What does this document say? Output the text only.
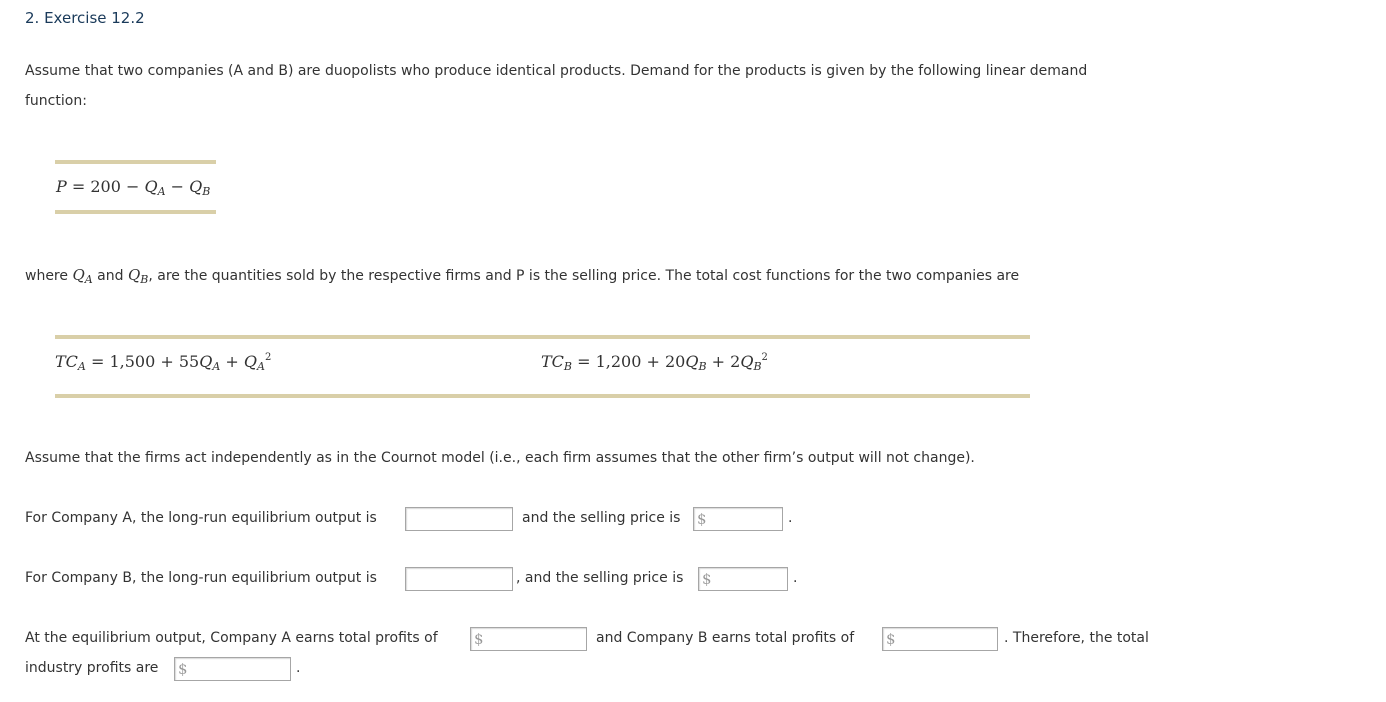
2. Exercise 12.2
Assume that two companies (A and B) are duopolists who produce identical products. Demand for the products is given by the following linear demand
function:
$P = 200 - Q_A - Q_B$
where $Q_A$ and $Q_B$, are the quantities sold by the respective firms and P is the selling price. The total cost functions for the two companies are
$TC_A = 1,500 + 55Q_A + Q_A^2$	$TC_B = 1,200 + 20Q_B + 2Q_B^2$
Assume that the firms act independently as in the Cournot model (i.e., each firm assumes that the other firm’s output will not change).
For Company A, the long-run equilibrium output is	and the selling price is $	.
For Company B, the long-run equilibrium output is	, and the selling price is $	.
At the equilibrium output, Company A earns total profits of $	and Company B earns total profits of $	. Therefore, the total
industry profits are $	.
